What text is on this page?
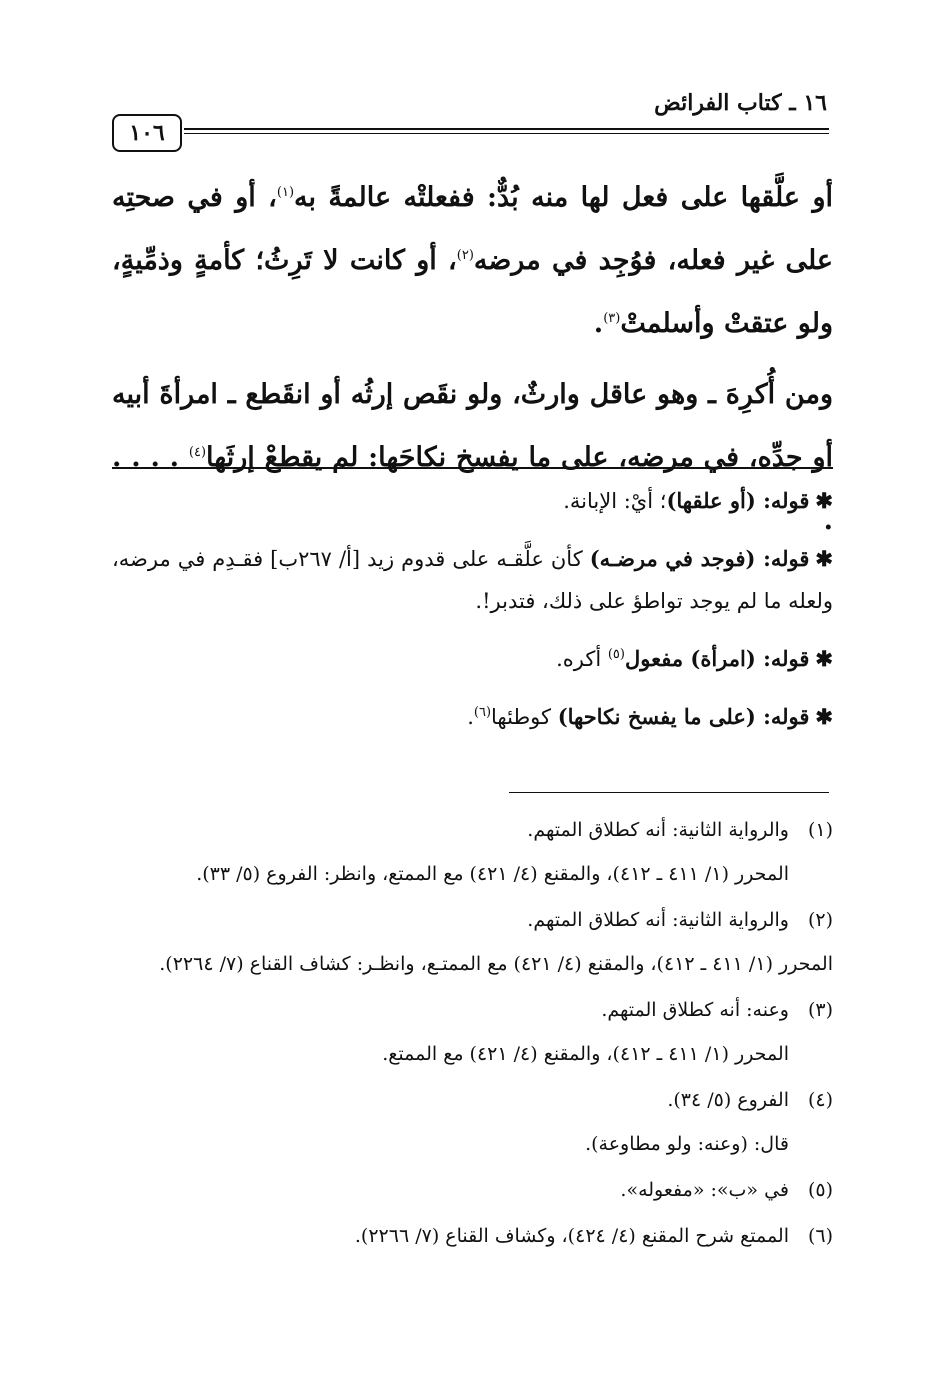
١٦ ـ كتاب الفرائض
١٠٦

أو علَّقها على فعل لها منه بُدٌّ: ففعلتْه عالمةً به$^{(١)}$، أو في صحتِه على غير فعله، فوُجِد في مرضه$^{(٢)}$، أو كانت لا تَرِثُ؛ كأمةٍ وذمِّيةٍ، ولو عتقتْ وأسلمتْ$^{(٣)}$.

ومن أُكرِهَ ـ وهو عاقل وارثٌ، ولو نقَص إرثُه أو انقَطع ـ امرأةَ أبيه أو جدِّه، في مرضه، على ما يفسخ نكاحَها: لم يقطعْ إرثَها$^{(٤)}$ . . . . .

✱قوله: (أو علقها)؛ أيْ: الإبانة.

✱قوله: (فوجد في مرضـه) كأن علَّقـه على قدوم زيد [أ/ ٢٦٧ب] فقـدِم في مرضه، ولعله ما لم يوجد تواطؤ على ذلك، فتدبر!.

✱قوله: (امرأة) مفعول$^{(٥)}$ أكره.

✱قوله: (على ما يفسخ نكاحها) كوطئها$^{(٦)}$.

(١)
والرواية الثانية: أنه كطلاق المتهم.
المحرر (١/ ٤١١ ـ ٤١٢)، والمقنع (٤/ ٤٢١) مع الممتع، وانظر: الفروع (٥/ ٣٣).
(٢)
والرواية الثانية: أنه كطلاق المتهم.
المحرر (١/ ٤١١ ـ ٤١٢)، والمقنع (٤/ ٤٢١) مع الممتـع، وانظـر: كشاف القناع (٧/ ٢٢٦٤).
(٣)
وعنه: أنه كطلاق المتهم.
المحرر (١/ ٤١١ ـ ٤١٢)، والمقنع (٤/ ٤٢١) مع الممتع.
(٤)
الفروع (٥/ ٣٤).
قال: (وعنه: ولو مطاوعة).
(٥)
في «ب»: «مفعوله».
(٦)
الممتع شرح المقنع (٤/ ٤٢٤)، وكشاف القناع (٧/ ٢٢٦٦).
